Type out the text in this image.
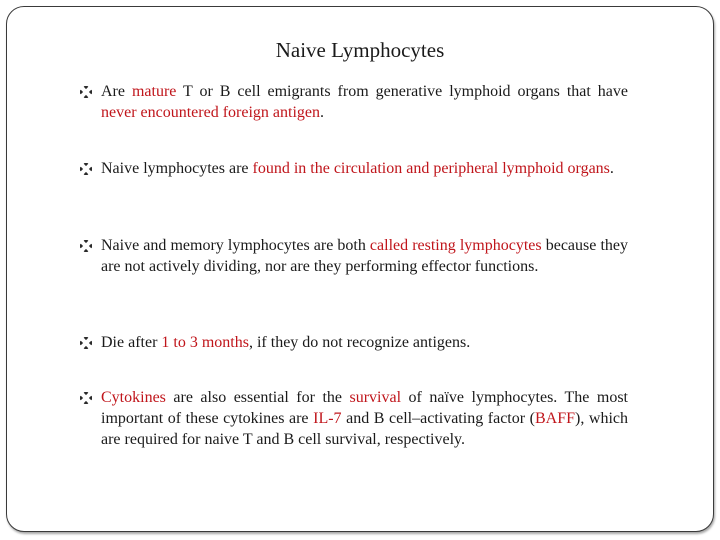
Naive Lymphocytes
Are mature T or B cell emigrants from generative lymphoid organs that have never encountered foreign antigen.
Naive lymphocytes are found in the circulation and peripheral lymphoid organs.
Naive and memory lymphocytes are both called resting lymphocytes because they are not actively dividing, nor are they performing effector functions.
Die after 1 to 3 months, if they do not recognize antigens.
Cytokines are also essential for the survival of naïve lymphocytes. The most important of these cytokines are IL-7 and B cell–activating factor (BAFF), which are required for naive T and B cell survival, respectively.
